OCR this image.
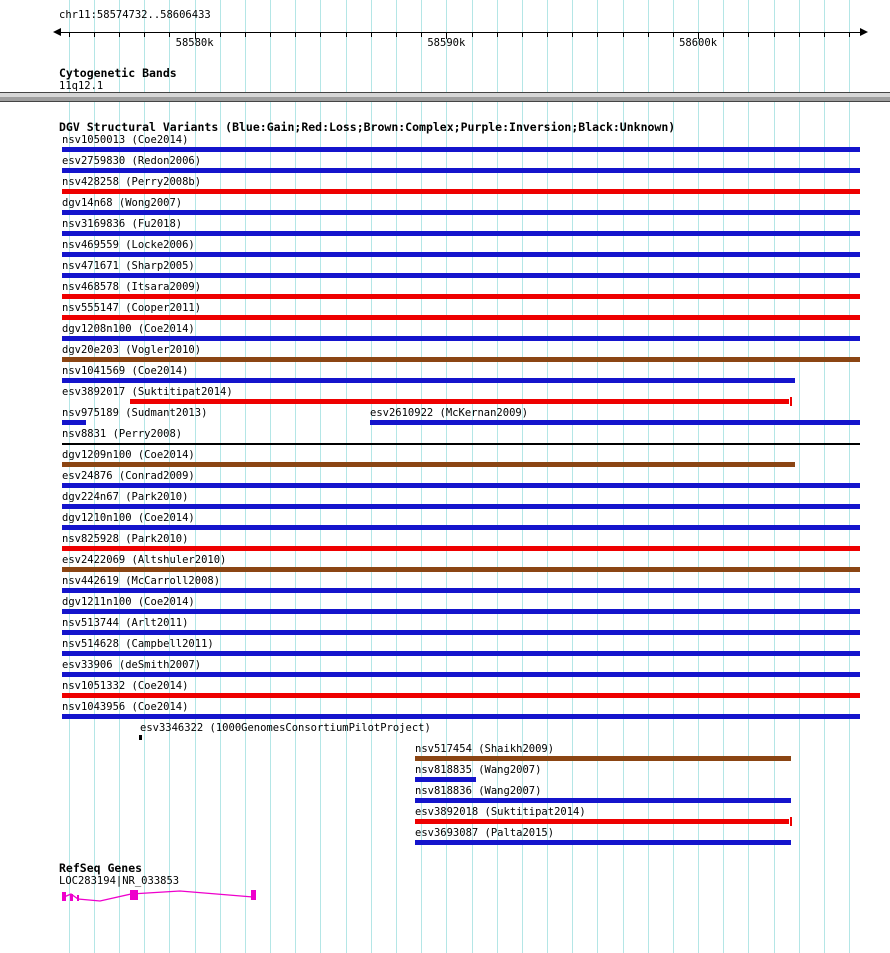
chr11:58574732..58606433
58580k	58590k	58600k
Cytogenetic Bands
11q12.1
DGV Structural Variants (Blue:Gain;Red:Loss;Brown:Complex;Purple:Inversion;Black:Unknown)
nsv1050013 (Coe2014)
esv2759830 (Redon2006)
nsv428258 (Perry2008b)
dgv14n68 (Wong2007)
nsv3169836 (Fu2018)
nsv469559 (Locke2006)
nsv471671 (Sharp2005)
nsv468578 (Itsara2009)
nsv555147 (Cooper2011)
dgv1208n100 (Coe2014)
dgv20e203 (Vogler2010)
nsv1041569 (Coe2014)
esv3892017 (Suktitipat2014)
nsv975189 (Sudmant2013)	esv2610922 (McKernan2009)
nsv8831 (Perry2008)
dgv1209n100 (Coe2014)
esv24876 (Conrad2009)
dgv224n67 (Park2010)
dgv1210n100 (Coe2014)
nsv825928 (Park2010)
esv2422069 (Altshuler2010)
nsv442619 (McCarroll2008)
dgv1211n100 (Coe2014)
nsv513744 (Arlt2011)
nsv514628 (Campbell2011)
esv33906 (deSmith2007)
nsv1051332 (Coe2014)
nsv1043956 (Coe2014)
esv3346322 (1000GenomesConsortiumPilotProject)
nsv517454 (Shaikh2009)
nsv818835 (Wang2007)
nsv818836 (Wang2007)
esv3892018 (Suktitipat2014)
esv3693087 (Palta2015)
RefSeq Genes
LOC283194|NR_033853
